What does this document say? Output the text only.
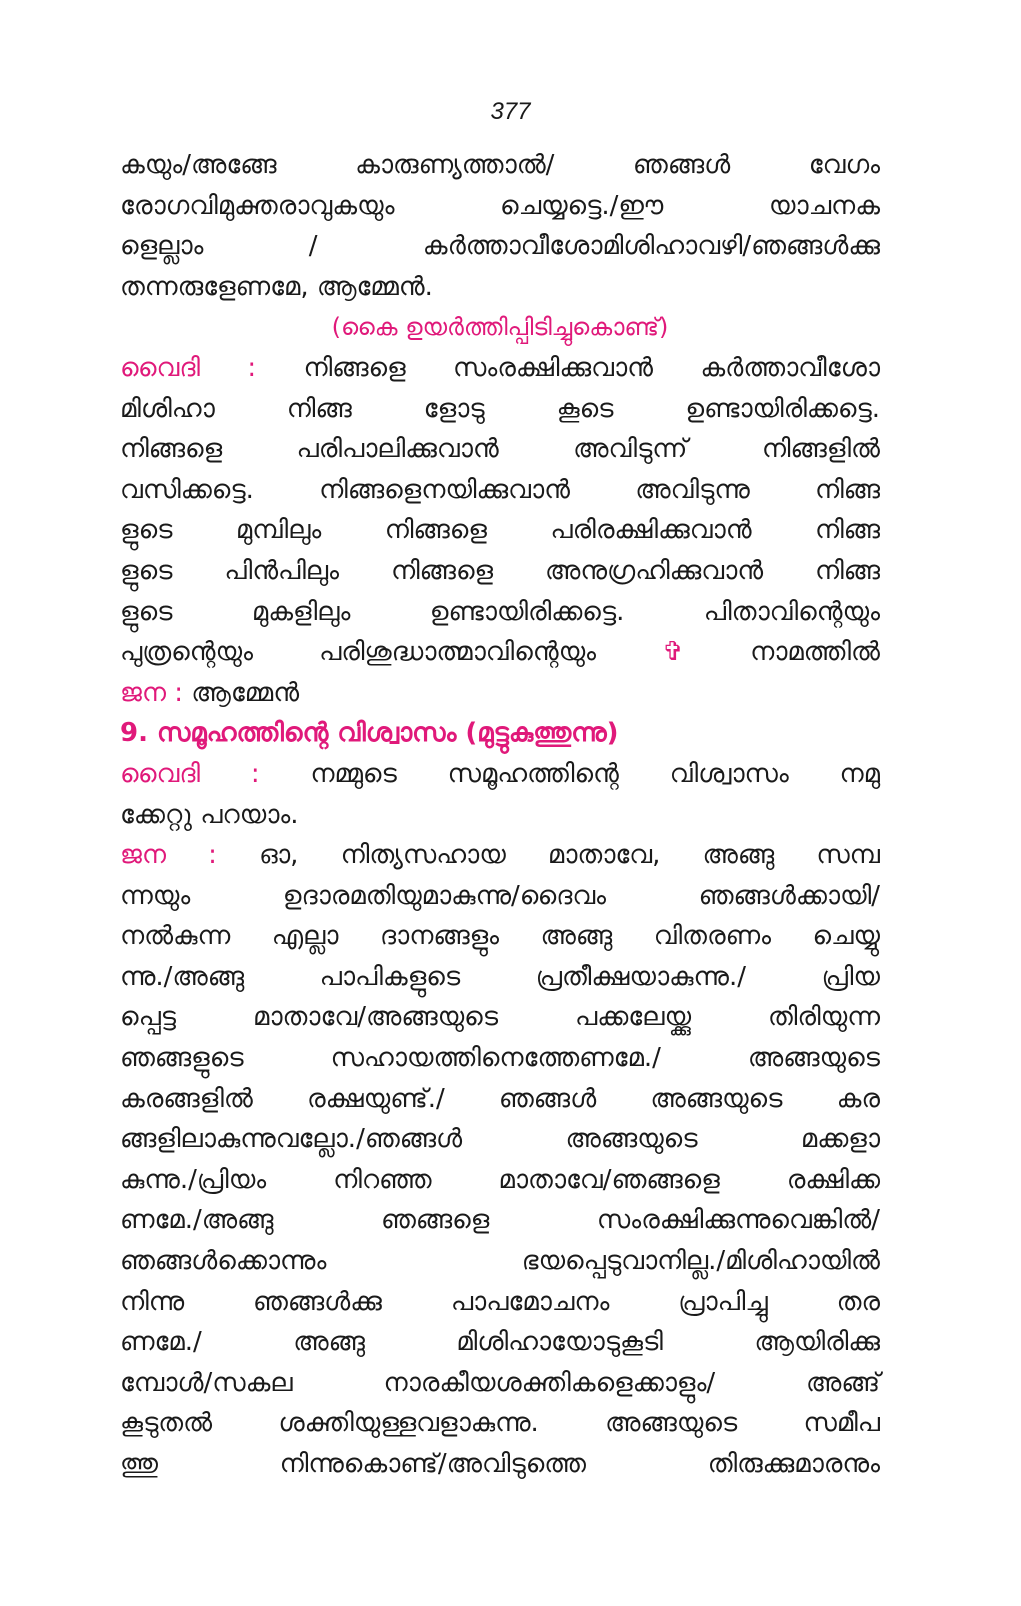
377
കയും/അങ്ങേ കാരുണ്യത്താൽ/ ഞങ്ങൾ വേഗം
രോഗവിമുക്തരാവുകയും ചെയ്യട്ടെ./ഈ യാചനക
ളെല്ലാം / കർത്താവീശോമിശിഹാവഴി/ഞങ്ങൾക്കു
തന്നരുളേണമേ, ആമ്മേൻ.
(കൈ ഉയർത്തിപ്പിടിച്ചുകൊണ്ട്)
വൈദി : നിങ്ങളെ സംരക്ഷിക്കുവാൻ കർത്താവീശോ
മിശിഹാ നിങ്ങ ളോടു കൂടെ ഉണ്ടായിരിക്കട്ടെ.
നിങ്ങളെ പരിപാലിക്കുവാൻ അവിടുന്ന് നിങ്ങളിൽ
വസിക്കട്ടെ. നിങ്ങളെനയിക്കുവാൻ അവിടുന്നു നിങ്ങ
ളുടെ മുമ്പിലും നിങ്ങളെ പരിരക്ഷിക്കുവാൻ നിങ്ങ
ളുടെ പിൻപിലും നിങ്ങളെ അനുഗ്രഹിക്കുവാൻ നിങ്ങ
ളുടെ മുകളിലും ഉണ്ടായിരിക്കട്ടെ. പിതാവിന്റെയും
പുത്രന്റെയും പരിശുദ്ധാത്മാവിന്റെയും	✞	നാമത്തിൽ
ജന : ആമ്മേൻ
9. സമൂഹത്തിന്റെ വിശ്വാസം (മുട്ടുകുത്തുന്നു)
വൈദി : നമ്മുടെ സമൂഹത്തിന്റെ വിശ്വാസം നമു
ക്കേറ്റു പറയാം.
ജന : ഓ, നിത്യസഹായ മാതാവേ, അങ്ങു സമ്പ
ന്നയും ഉദാരമതിയുമാകുന്നു/ദൈവം ഞങ്ങൾക്കായി/
നൽകുന്ന എല്ലാ ദാനങ്ങളും അങ്ങു വിതരണം ചെയ്യു
ന്നു./അങ്ങു പാപികളുടെ പ്രതീക്ഷയാകുന്നു./ പ്രിയ
പ്പെട്ട മാതാവേ/അങ്ങയുടെ പക്കലേയ്ക്കു തിരിയുന്ന
ഞങ്ങളുടെ സഹായത്തിനെത്തേണമേ./ അങ്ങയുടെ
കരങ്ങളിൽ രക്ഷയുണ്ട്./ ഞങ്ങൾ അങ്ങയുടെ കര
ങ്ങളിലാകുന്നുവല്ലോ./ഞങ്ങൾ അങ്ങയുടെ മക്കളാ
കുന്നു./പ്രിയം നിറഞ്ഞ മാതാവേ/ഞങ്ങളെ രക്ഷിക്ക
ണമേ./അങ്ങു ഞങ്ങളെ സംരക്ഷിക്കുന്നുവെങ്കിൽ/
ഞങ്ങൾക്കൊന്നും ഭയപ്പെടുവാനില്ല./മിശിഹായിൽ
നിന്നു ഞങ്ങൾക്കു പാപമോചനം പ്രാപിച്ചു തര
ണമേ./ അങ്ങു മിശിഹായോടുകൂടി ആയിരിക്കു
മ്പോൾ/സകല നാരകീയശക്തികളെക്കാളും/ അങ്ങ്
കൂടുതൽ ശക്തിയുള്ളവളാകുന്നു. അങ്ങയുടെ സമീപ
ത്തു നിന്നുകൊണ്ട്/അവിടുത്തെ തിരുക്കുമാരനും
